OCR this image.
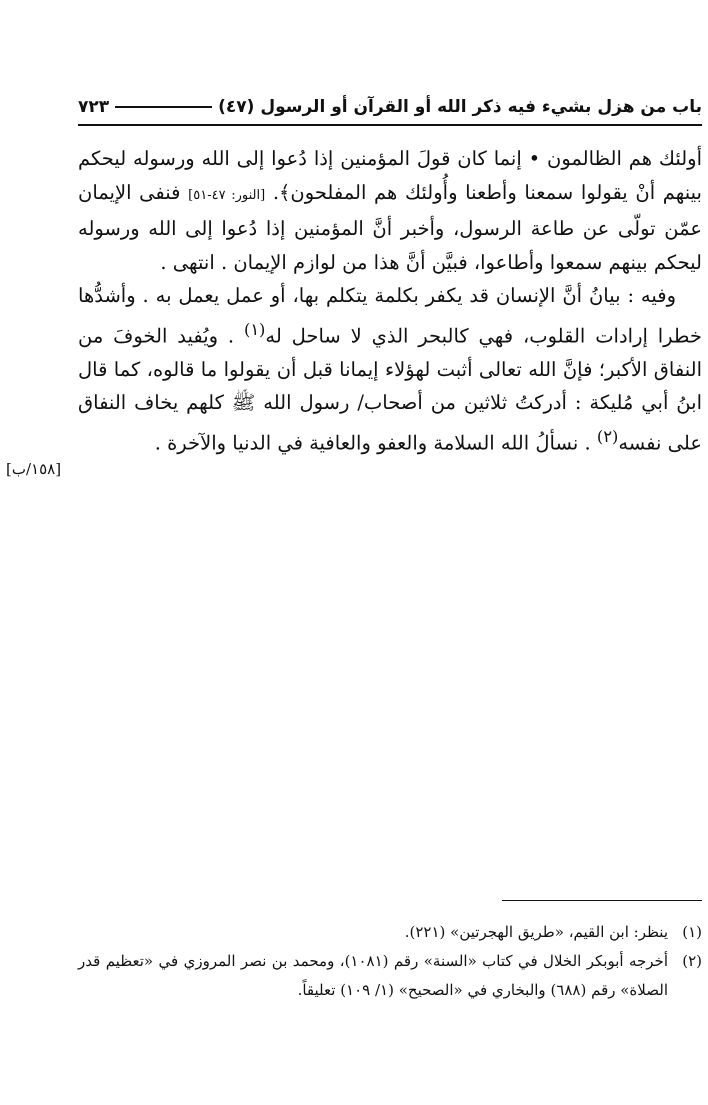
باب من هزل بشيء فيه ذكر الله أو القرآن أو الرسول (٤٧)
٧٢٣

أولئك هم الظالمون • إنما كان قولَ المؤمنين إذا دُعوا إلى الله ورسوله ليحكم بينهم أنْ يقولوا سمعنا وأطعنا وأُولئك هم المفلحون﴾. [النور: ٤٧-٥١] فنفى الإيمان عمّن تولّى عن طاعة الرسول، وأخبر أنَّ المؤمنين إذا دُعوا إلى الله ورسوله ليحكم بينهم سمعوا وأطاعوا، فبيَّن أنَّ هذا من لوازم الإيمان . انتهى .

وفيه : بيانُ أنَّ الإنسان قد يكفر بكلمة يتكلم بها، أو عمل يعمل به . وأشدُّها خطرا إرادات القلوب، فهي كالبحر الذي لا ساحل له$^{(١)}$ . ويُفيد الخوفَ من النفاق الأكبر؛ فإنَّ الله تعالى أثبت لهؤلاء إيمانا قبل أن يقولوا ما قالوه، كما قال ابنُ أبي مُليكة : أدركتُ ثلاثين من أصحاب/ رسول الله ﷺ كلهم يخاف النفاق على نفسه$^{(٢)}$ . نسألُ الله السلامة والعفو والعافية في الدنيا والآخرة .

[١٥٨/ب]
(١)
ينظر: ابن القيم، «طريق الهجرتين» (٢٢١).
(٢)
أخرجه أبوبكر الخلال في كتاب «السنة» رقم (١٠٨١)، ومحمد بن نصر المروزي في «تعظيم قدر الصلاة» رقم (٦٨٨) والبخاري في «الصحيح» (١/ ١٠٩) تعليقاً.
